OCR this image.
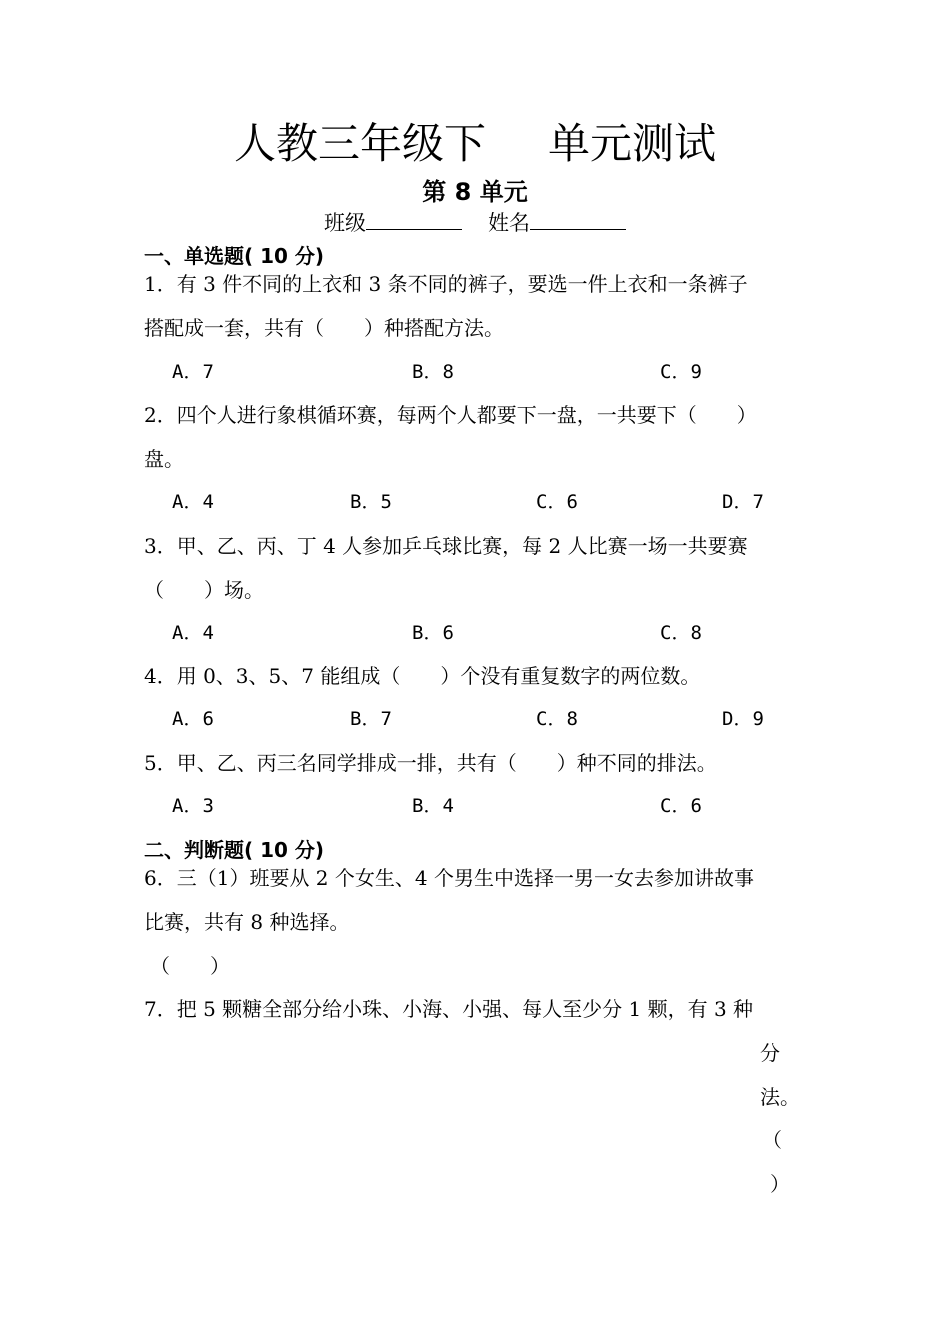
人教三年级下 单元测试
第 8 单元
班级	姓名
一、单选题( 10 分)
1．有 3 件不同的上衣和 3 条不同的裤子，要选一件上衣和一条裤子
搭配成一套，共有（　　）种搭配方法。
A．7	B．8	C．9
2．四个人进行象棋循环赛，每两个人都要下一盘，一共要下（　　）
盘。
A．4	B．5	C．6	D．7
3．甲、乙、丙、丁 4 人参加乒乓球比赛，每 2 人比赛一场一共要赛
（　　）场。
A．4	B．6	C．8
4．用 0、3、5、7 能组成（　　）个没有重复数字的两位数。
A．6	B．7	C．8	D．9
5．甲、乙、丙三名同学排成一排，共有（　　）种不同的排法。
A．3	B．4	C．6
二、判断题( 10 分)
6．三（1）班要从 2 个女生、4 个男生中选择一男一女去参加讲故事
比赛，共有 8 种选择。
（　　）
7．把 5 颗糖全部分给小珠、小海、小强、每人至少分 1 颗，有 3 种
分
法。
（
）
